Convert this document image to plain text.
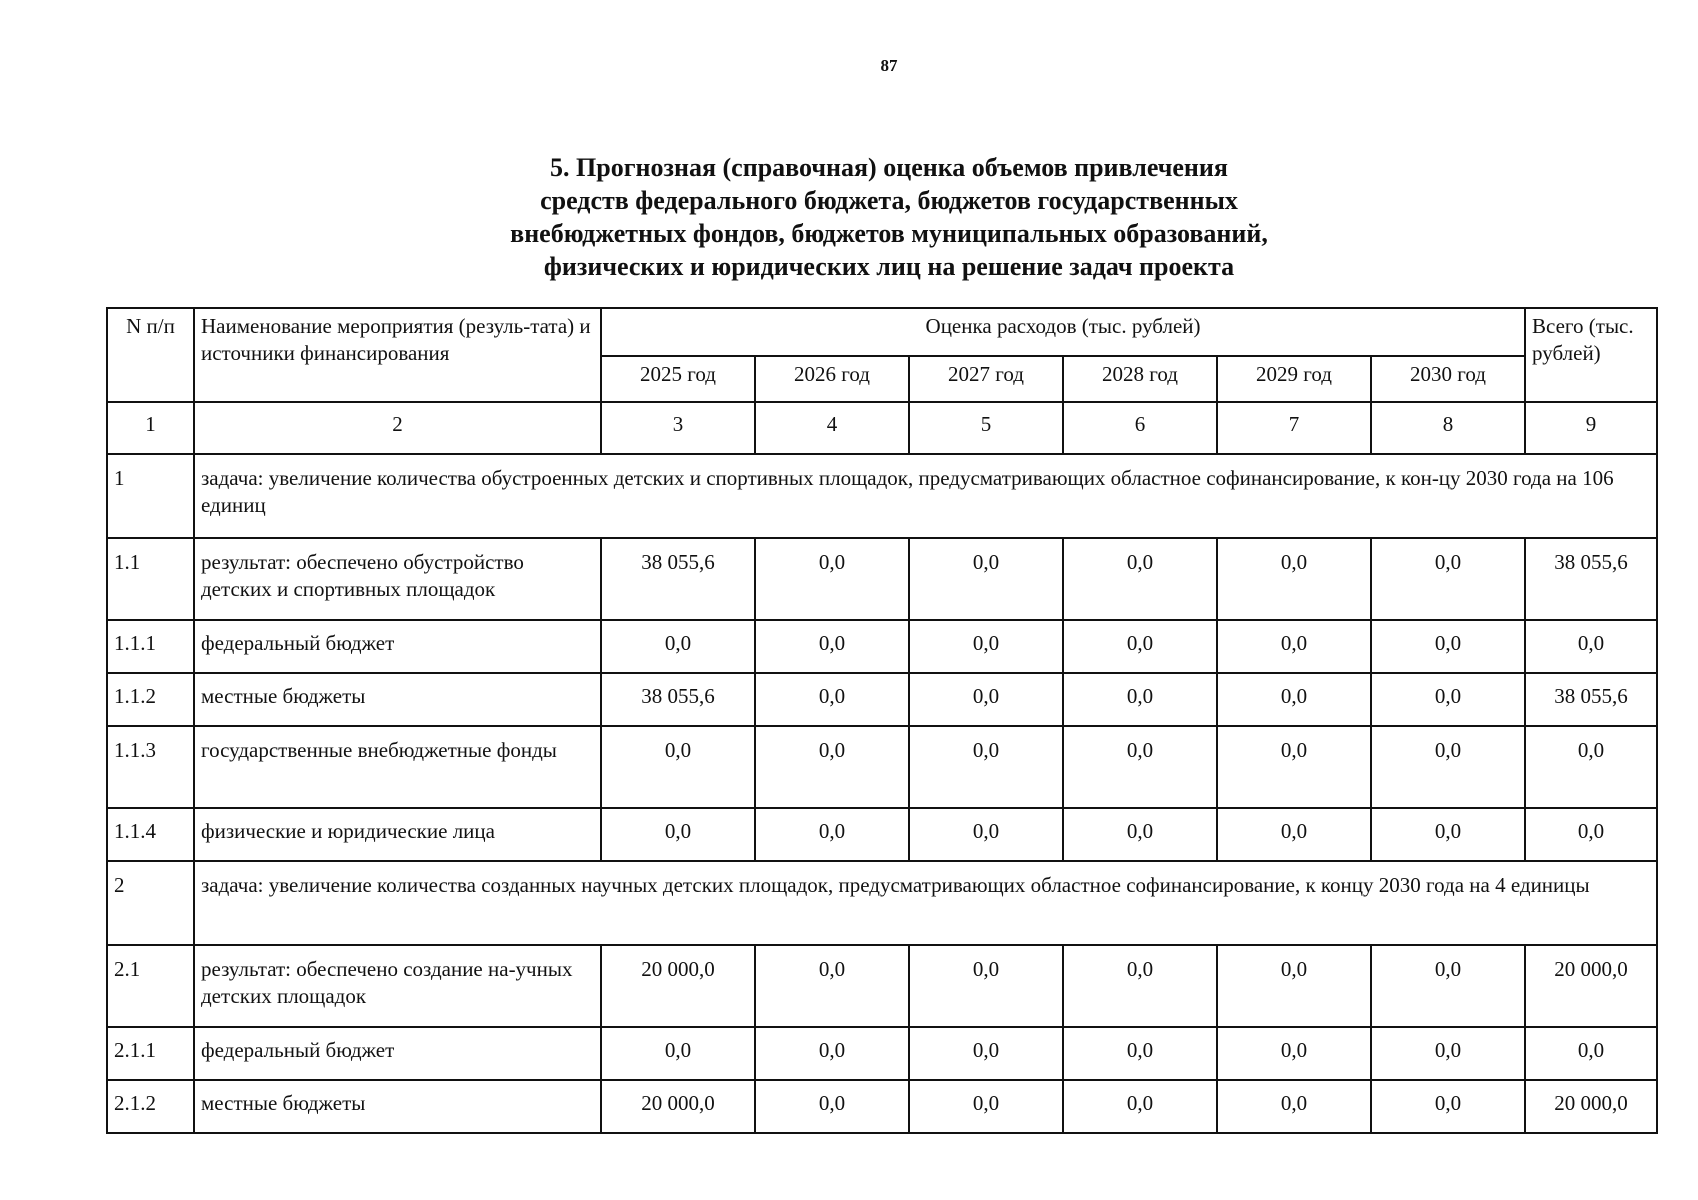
87
5. Прогнозная (справочная) оценка объемов привлечения
средств федерального бюджета, бюджетов государственных
внебюджетных фондов, бюджетов муниципальных образований,
физических и юридических лиц на решение задач проекта
N п/п	Наименование мероприятия (резуль-тата) и источники финансирования	Оценка расходов (тыс. рублей)						Всего (тыс. рублей)
		2025 год	2026 год	2027 год	2028 год	2029 год	2030 год	
1	2	3	4	5	6	7	8	9
1	задача: увеличение количества обустроенных детских и спортивных площадок, предусматривающих областное софинансирование, к кон-цу 2030 года на 106 единиц							
1.1	результат: обеспечено обустройство детских и спортивных площадок	38 055,6	0,0	0,0	0,0	0,0	0,0	38 055,6
1.1.1	федеральный бюджет	0,0	0,0	0,0	0,0	0,0	0,0	0,0
1.1.2	местные бюджеты	38 055,6	0,0	0,0	0,0	0,0	0,0	38 055,6
1.1.3	государственные внебюджетные фонды	0,0	0,0	0,0	0,0	0,0	0,0	0,0
1.1.4	физические и юридические лица	0,0	0,0	0,0	0,0	0,0	0,0	0,0
2	задача: увеличение количества созданных научных детских площадок, предусматривающих областное софинансирование, к концу 2030 года на 4 единицы							
2.1	результат: обеспечено создание на-учных детских площадок	20 000,0	0,0	0,0	0,0	0,0	0,0	20 000,0
2.1.1	федеральный бюджет	0,0	0,0	0,0	0,0	0,0	0,0	0,0
2.1.2	местные бюджеты	20 000,0	0,0	0,0	0,0	0,0	0,0	20 000,0
